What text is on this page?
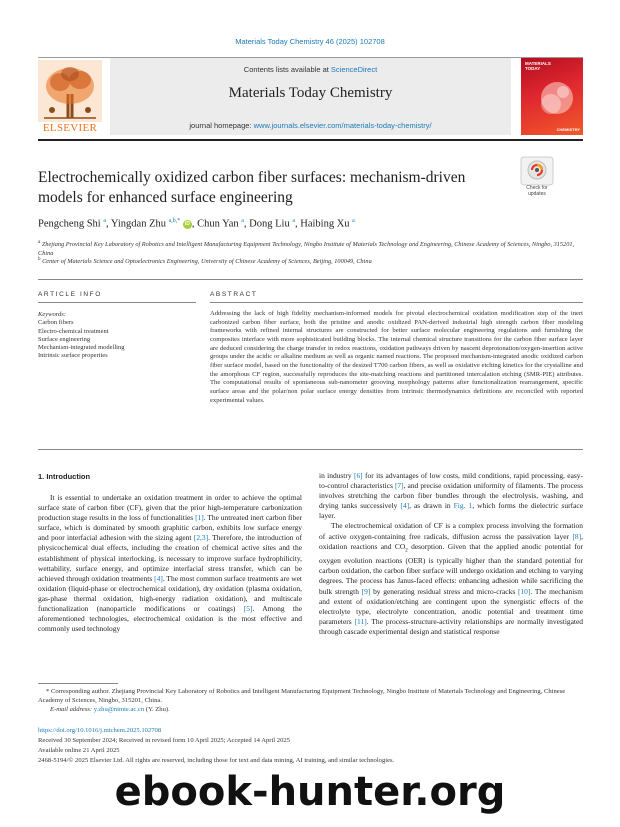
Materials Today Chemistry 46 (2025) 102708
ELSEVIER
Contents lists available at ScienceDirect
Materials Today Chemistry
journal homepage: www.journals.elsevier.com/materials-today-chemistry/
MATERIALS
TODAY
CHEMISTRY
Electrochemically oxidized carbon fiber surfaces: mechanism-driven models for enhanced surface engineering
Check for
updates
Pengcheng Shi $^a$, Yingdan Zhu $^{a,b,*}$ iD , Chun Yan $^a$, Dong Liu $^a$, Haibing Xu $^a$
$^a$ Zhejiang Provincial Key Laboratory of Robotics and Intelligent Manufacturing Equipment Technology, Ningbo Institute of Materials Technology and Engineering, Chinese Academy of Sciences, Ningbo, 315201, China
$^b$ Center of Materials Science and Optoelectronics Engineering, University of Chinese Academy of Sciences, Beijing, 100049, China
ARTICLE INFO	ABSTRACT
Keywords:
Carbon fibers
Electro-chemical treatment
Surface engineering
Mechanism-integrated modelling
Intrinsic surface properties
Addressing the lack of high fidelity mechanism-informed models for pivotal electrochemical oxidation modification step of the inert carbonized carbon fiber surface, both the pristine and anodic oxidized PAN-derived industrial high strength carbon fiber modeling frameworks with refined internal structures are constructed for better surface molecular engineering regulations and furnishing the composites interface with more sophisticated building blocks. The internal chemical structure transitions for the carbon fiber surface layer are deduced considering the charge transfer in redox reactions, oxidation pathways driven by nascent deprotonation/oxygen-insertion active groups under the acidic or alkaline medium as well as organic named reactions. The proposed mechanism-integrated anodic oxidized carbon fiber surface model, based on the functionality of the desized T700 carbon fibers, as well as oxidative etching kinetics for the crystalline and the amorphous CF region, successfully reproduces the site-matching reactions and partitioned intercalation etching (SMR-PIE) attributes. The computational results of spontaneous sub-nanometer grooving morphology patterns after functionalization rearrangement, specific surface areas and the polar/non polar surface energy densities from intrinsic thermodynamics definitions are reconciled with reported experimental values.
1. Introduction
It is essential to undertake an oxidation treatment in order to achieve the optimal surface state of carbon fiber (CF), given that the prior high-temperature carbonization production stage results in the loss of functionalities [1]. The untreated inert carbon fiber surface, which is dominated by smooth graphitic carbon, exhibits low surface energy and poor interfacial adhesion with the sizing agent [2,3]. Therefore, the introduction of physicochemical dual effects, including the creation of chemical active sites and the establishment of physical interlocking, is necessary to improve surface hydrophilicity, wettability, surface energy, and optimize interfacial stress transfer, which can be achieved through oxidation treatments [4]. The most common surface treatments are wet oxidation (liquid-phase or electrochemical oxidation), dry oxidation (plasma oxidation, gas-phase thermal oxidation, high-energy radiation oxidation), and multiscale functionalization (nanoparticle modifications or coatings) [5]. Among the aforementioned technologies, electrochemical oxidation is the most effective and commonly used technology

in industry [6] for its advantages of low costs, mild conditions, rapid processing, easy-to-control characteristics [7], and precise oxidation uniformity of filaments. The process involves stretching the carbon fiber bundles through the electrolysis, washing, and drying tanks successively [4], as drawn in Fig. 1, which forms the dielectric surface layer.

The electrochemical oxidation of CF is a complex process involving the formation of active oxygen-containing free radicals, diffusion across the passivation layer [8], oxidation reactions and $CO_2$ desorption. Given that the applied anodic potential for oxygen evolution reactions (OER) is typically higher than the standard potential for carbon oxidation, the carbon fiber surface will undergo oxidation and etching to varying degrees. The process has Janus-faced effects: enhancing adhesion while sacrificing the bulk strength [9] by generating residual stress and micro-cracks [10]. The mechanism and extent of oxidation/etching are contingent upon the synergistic effects of the electrolyte type, electrolyte concentration, anodic potential and treatment time parameters [11]. The process-structure-activity relationships are normally investigated through cascade experimental design and statistical response

* Corresponding author. Zhejiang Provincial Key Laboratory of Robotics and Intelligent Manufacturing Equipment Technology, Ningbo Institute of Materials Technology and Engineering, Chinese Academy of Sciences, Ningbo, 315201, China.
E-mail address: y.zhu@nimte.ac.cn (Y. Zhu).
https://doi.org/10.1016/j.mtchem.2025.102708
Received 30 September 2024; Received in revised form 10 April 2025; Accepted 14 April 2025
Available online 21 April 2025
2468-5194/© 2025 Elsevier Ltd. All rights are reserved, including those for text and data mining, AI training, and similar technologies.
ebook-hunter.org
